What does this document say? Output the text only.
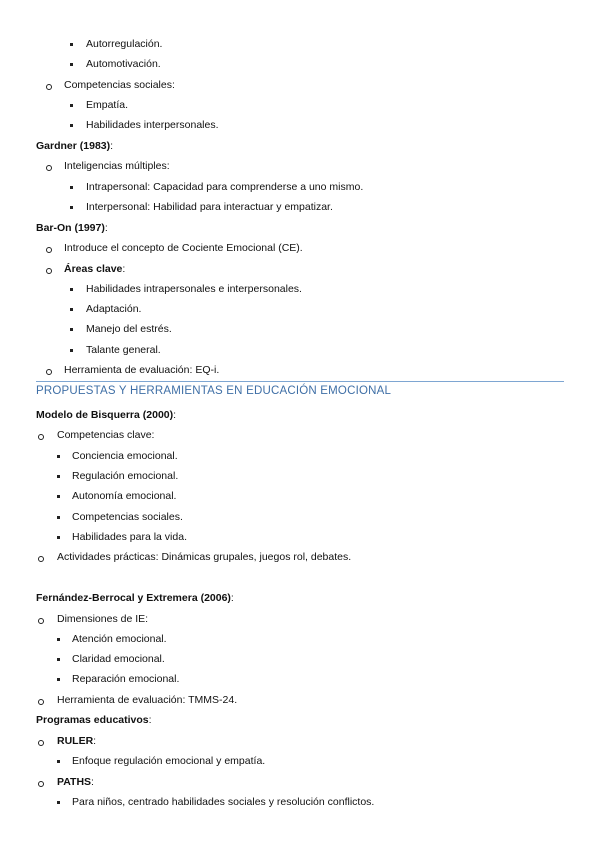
Autorregulación.
Automotivación.
Competencias sociales:
Empatía.
Habilidades interpersonales.
Gardner (1983):
Inteligencias múltiples:
Intrapersonal: Capacidad para comprenderse a uno mismo.
Interpersonal: Habilidad para interactuar y empatizar.
Bar-On (1997):
Introduce el concepto de Cociente Emocional (CE).
Áreas clave:
Habilidades intrapersonales e interpersonales.
Adaptación.
Manejo del estrés.
Talante general.
Herramienta de evaluación: EQ-i.
PROPUESTAS Y HERRAMIENTAS EN EDUCACIÓN EMOCIONAL
Modelo de Bisquerra (2000):
Competencias clave:
Conciencia emocional.
Regulación emocional.
Autonomía emocional.
Competencias sociales.
Habilidades para la vida.
Actividades prácticas: Dinámicas grupales, juegos rol, debates.
Fernández-Berrocal y Extremera (2006):
Dimensiones de IE:
Atención emocional.
Claridad emocional.
Reparación emocional.
Herramienta de evaluación: TMMS-24.
Programas educativos:
RULER:
Enfoque regulación emocional y empatía.
PATHS:
Para niños, centrado habilidades sociales y resolución conflictos.
